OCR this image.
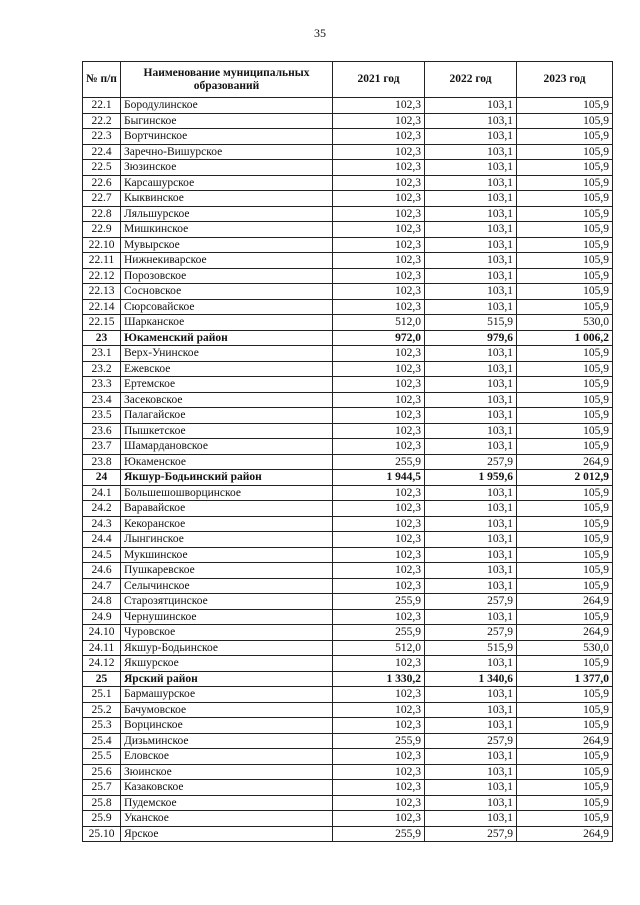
35
№ п/п	Наименование муниципальных образований	2021 год	2022 год	2023 год
22.1	Бородулинское	102,3	103,1	105,9
22.2	Быгинское	102,3	103,1	105,9
22.3	Вортчинское	102,3	103,1	105,9
22.4	Заречно-Вишурское	102,3	103,1	105,9
22.5	Зюзинское	102,3	103,1	105,9
22.6	Карсашурское	102,3	103,1	105,9
22.7	Кыквинское	102,3	103,1	105,9
22.8	Ляльшурское	102,3	103,1	105,9
22.9	Мишкинское	102,3	103,1	105,9
22.10	Мувырское	102,3	103,1	105,9
22.11	Нижнекиварское	102,3	103,1	105,9
22.12	Порозовское	102,3	103,1	105,9
22.13	Сосновское	102,3	103,1	105,9
22.14	Сюрсовайское	102,3	103,1	105,9
22.15	Шарканское	512,0	515,9	530,0
23	Юкаменский район	972,0	979,6	1 006,2
23.1	Верх-Унинское	102,3	103,1	105,9
23.2	Ежевское	102,3	103,1	105,9
23.3	Ертемское	102,3	103,1	105,9
23.4	Засековское	102,3	103,1	105,9
23.5	Палагайское	102,3	103,1	105,9
23.6	Пышкетское	102,3	103,1	105,9
23.7	Шамардановское	102,3	103,1	105,9
23.8	Юкаменское	255,9	257,9	264,9
24	Якшур-Бодьинский район	1 944,5	1 959,6	2 012,9
24.1	Большешошворцинское	102,3	103,1	105,9
24.2	Варавайское	102,3	103,1	105,9
24.3	Кекоранское	102,3	103,1	105,9
24.4	Лынгинское	102,3	103,1	105,9
24.5	Мукшинское	102,3	103,1	105,9
24.6	Пушкаревское	102,3	103,1	105,9
24.7	Селычинское	102,3	103,1	105,9
24.8	Старозятцинское	255,9	257,9	264,9
24.9	Чернушинское	102,3	103,1	105,9
24.10	Чуровское	255,9	257,9	264,9
24.11	Якшур-Бодьинское	512,0	515,9	530,0
24.12	Якшурское	102,3	103,1	105,9
25	Ярский район	1 330,2	1 340,6	1 377,0
25.1	Бармашурское	102,3	103,1	105,9
25.2	Бачумовское	102,3	103,1	105,9
25.3	Ворцинское	102,3	103,1	105,9
25.4	Дизьминское	255,9	257,9	264,9
25.5	Еловское	102,3	103,1	105,9
25.6	Зюинское	102,3	103,1	105,9
25.7	Казаковское	102,3	103,1	105,9
25.8	Пудемское	102,3	103,1	105,9
25.9	Уканское	102,3	103,1	105,9
25.10	Ярское	255,9	257,9	264,9
